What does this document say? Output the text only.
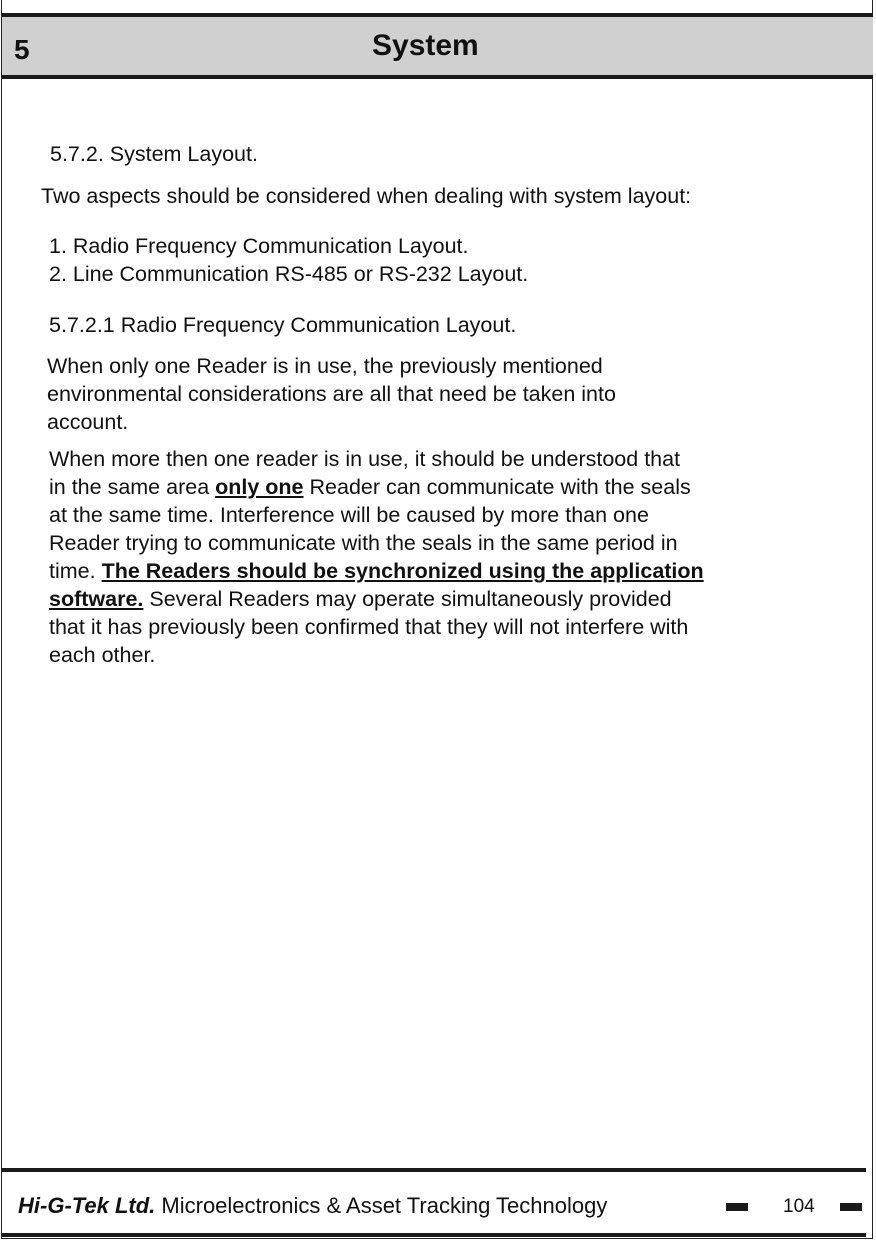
5	System
5.7.2. System Layout.
Two aspects should be considered when dealing with system layout:
1. Radio Frequency Communication Layout.
2. Line Communication RS-485 or RS-232 Layout.
5.7.2.1 Radio Frequency Communication Layout.
When only one Reader is in use, the previously mentioned
environmental considerations are all that need be taken into
account.
When more then one reader is in use, it should be understood that
in the same area only one Reader can communicate with the seals
at the same time. Interference will be caused by more than one
Reader trying to communicate with the seals in the same period in
time. The Readers should be synchronized using the application
software. Several Readers may operate simultaneously provided
that it has previously been confirmed that they will not interfere with
each other.
Hi-G-Tek Ltd. Microelectronics & Asset Tracking Technology	104
